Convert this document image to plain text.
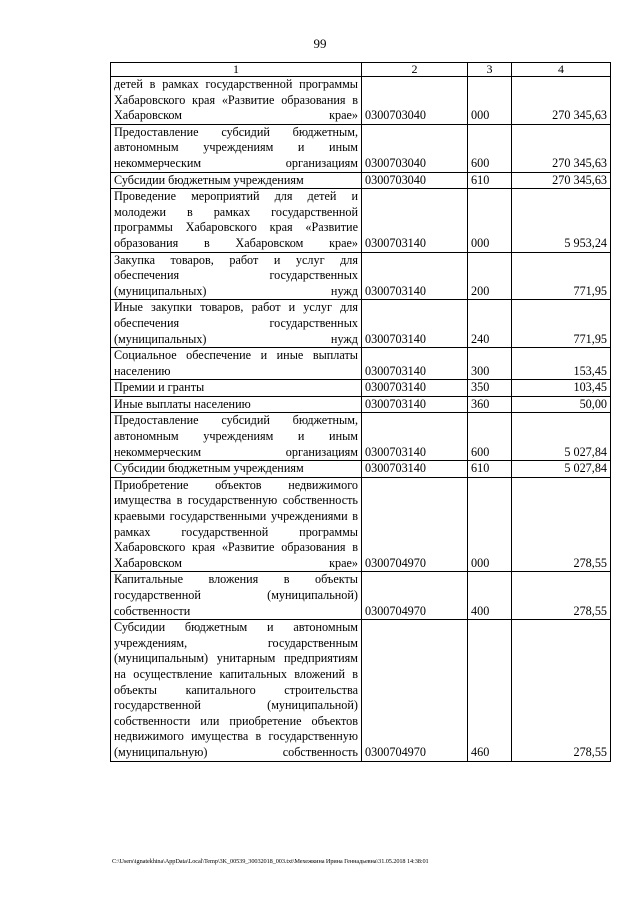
99
1	2	3	4
детей в рамках государственной программы Хабаровского края «Развитие образования в Хабаровском крае»	0300703040	000	270 345,63
Предоставление субсидий бюджетным, автономным учреждениям и иным некоммерческим организациям	0300703040	600	270 345,63
Субсидии бюджетным учреждениям	0300703040	610	270 345,63
Проведение мероприятий для детей и молодежи в рамках государственной программы Хабаровского края «Развитие образования в Хабаровском крае»	0300703140	000	5 953,24
Закупка товаров, работ и услуг для обеспечения государственных (муниципальных) нужд	0300703140	200	771,95
Иные закупки товаров, работ и услуг для обеспечения государственных (муниципальных) нужд	0300703140	240	771,95
Социальное обеспечение и иные выплаты населению	0300703140	300	153,45
Премии и гранты	0300703140	350	103,45
Иные выплаты населению	0300703140	360	50,00
Предоставление субсидий бюджетным, автономным учреждениям и иным некоммерческим организациям	0300703140	600	5 027,84
Субсидии бюджетным учреждениям	0300703140	610	5 027,84
Приобретение объектов недвижимого имущества в государственную собственность краевыми государственными учреждениями в рамках государственной программы Хабаровского края «Развитие образования в Хабаровском крае»	0300704970	000	278,55
Капитальные вложения в объекты государственной (муниципальной) собственности	0300704970	400	278,55
Субсидии бюджетным и автономным учреждениям, государственным (муниципальным) унитарным предприятиям на осуществление капитальных вложений в объекты капитального строительства государственной (муниципальной) собственности или приобретение объектов недвижимого имущества в государственную (муниципальную) собственность	0300704970	460	278,55
C:\Users\ignatekhina\AppData\Local\Temp\3K_00539_30032018_003.txt\Мехежкина Ирина Геннадьевна\31.05.2018 14:38:01
